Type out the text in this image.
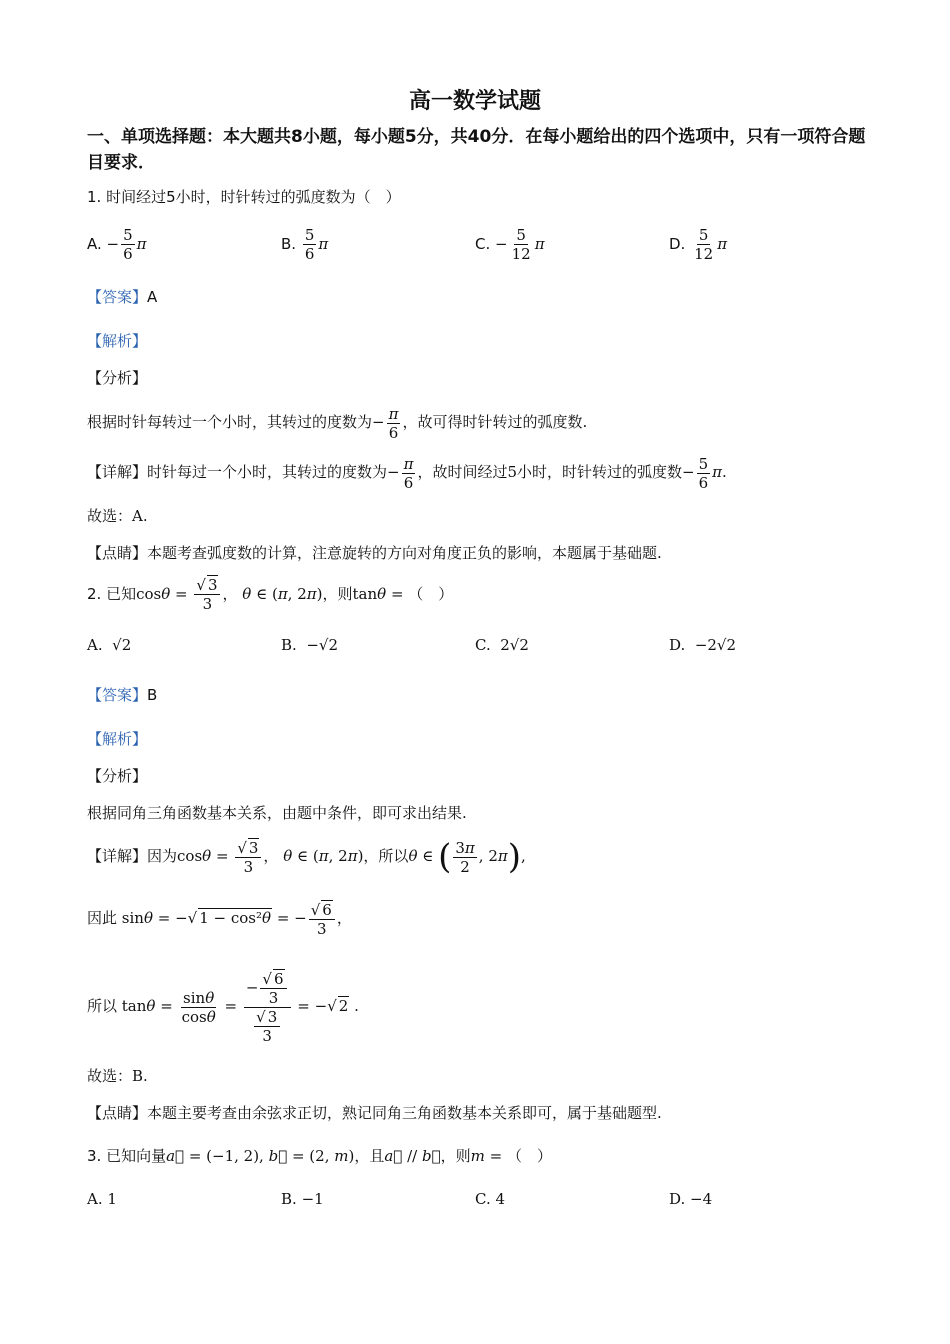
高一数学试题
一、单项选择题：本大题共8小题，每小题5分，共40分．在每小题给出的四个选项中，只有一项符合题目要求．
1. 时间经过5小时，时针转过的弧度数为（　）
A. − $\frac{5}{6}$ π	B. $\frac{5}{6}$ π	C. − $\frac{5}{12}$ π	D. $\frac{5}{12}$ π
【答案】A
【解析】
【分析】
根据时针每转过一个小时，其转过的度数为− $\frac{\pi}{6}$ ，故可得时针转过的弧度数.
【详解】时针每过一个小时，其转过的度数为− $\frac{\pi}{6}$ ，故时间经过5小时，时针转过的弧度数− $\frac{5}{6} \pi$.
故选：A.
【点睛】本题考查弧度数的计算，注意旋转的方向对角度正负的影响，本题属于基础题.
2. 已知$\cos\theta = \frac{√ 3}{3}$ ， θ ∈ (π, 2π)，则tanθ = （　）
A. √2	B. −√2	C. 2√2	D. −2√2
【答案】B
【解析】
【分析】
根据同角三角函数基本关系，由题中条件，即可求出结果.
【详解】因为$\cos\theta = \frac{√ 3}{3}$ ， θ ∈ (π, 2π)，所以θ ∈ ( $\frac{3\pi}{2}$ , 2π),
因此 sinθ = −√ 1 − cos²θ = − $\frac{√ 6}{3}$ ，
所以 $\tan\theta = \frac{\sin\theta}{\cos\theta} = \frac{- \frac{√ 6}{3}}{\frac{√ 3}{3}}$ = −√ 2 .
故选：B.
【点睛】本题主要考查由余弦求正切，熟记同角三角函数基本关系即可，属于基础题型.
3. 已知向量a⃗ = (−1, 2), b⃗ = (2, m)，且a⃗ // b⃗，则m = （　）
A. 1	B. −1	C. 4	D. −4
